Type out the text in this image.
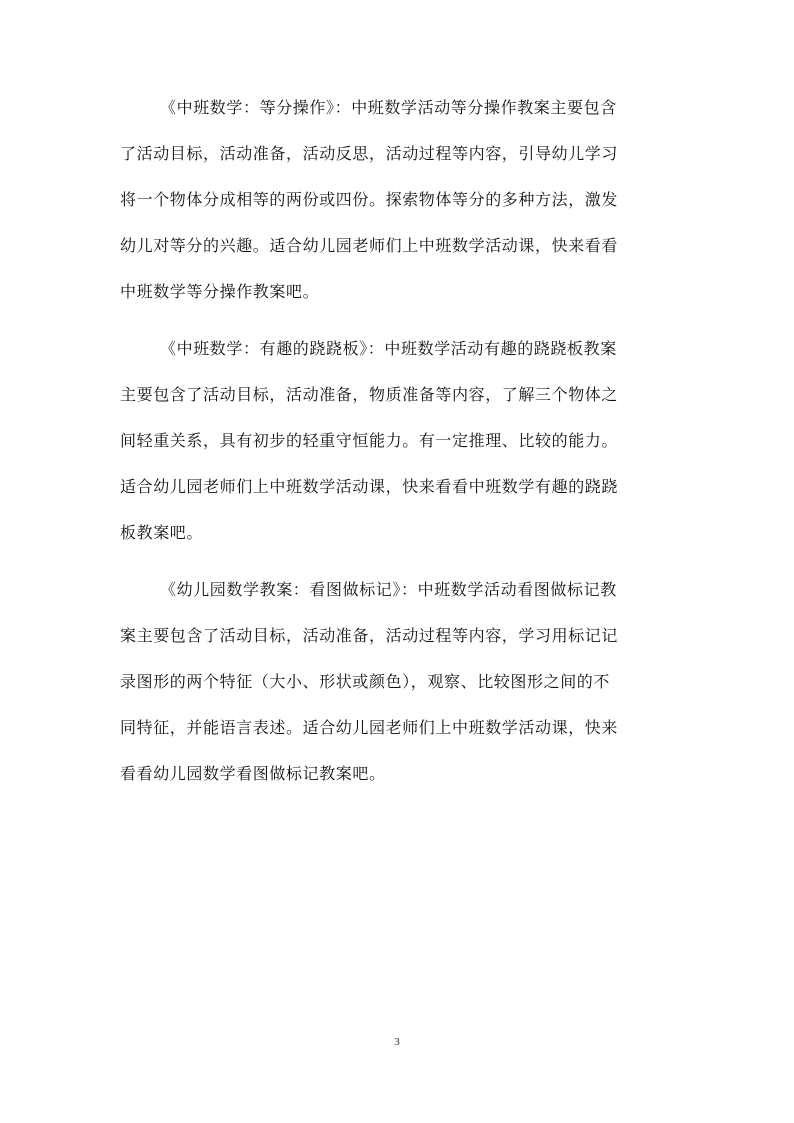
《中班数学：等分操作》：中班数学活动等分操作教案主要包含
了活动目标，活动准备，活动反思，活动过程等内容，引导幼儿学习
将一个物体分成相等的两份或四份。探索物体等分的多种方法，激发
幼儿对等分的兴趣。适合幼儿园老师们上中班数学活动课，快来看看
中班数学等分操作教案吧。
《中班数学：有趣的跷跷板》：中班数学活动有趣的跷跷板教案
主要包含了活动目标，活动准备，物质准备等内容，了解三个物体之
间轻重关系，具有初步的轻重守恒能力。有一定推理、比较的能力。
适合幼儿园老师们上中班数学活动课，快来看看中班数学有趣的跷跷
板教案吧。
《幼儿园数学教案：看图做标记》：中班数学活动看图做标记教
案主要包含了活动目标，活动准备，活动过程等内容，学习用标记记
录图形的两个特征（大小、形状或颜色），观察、比较图形之间的不
同特征，并能语言表述。适合幼儿园老师们上中班数学活动课，快来
看看幼儿园数学看图做标记教案吧。
3
